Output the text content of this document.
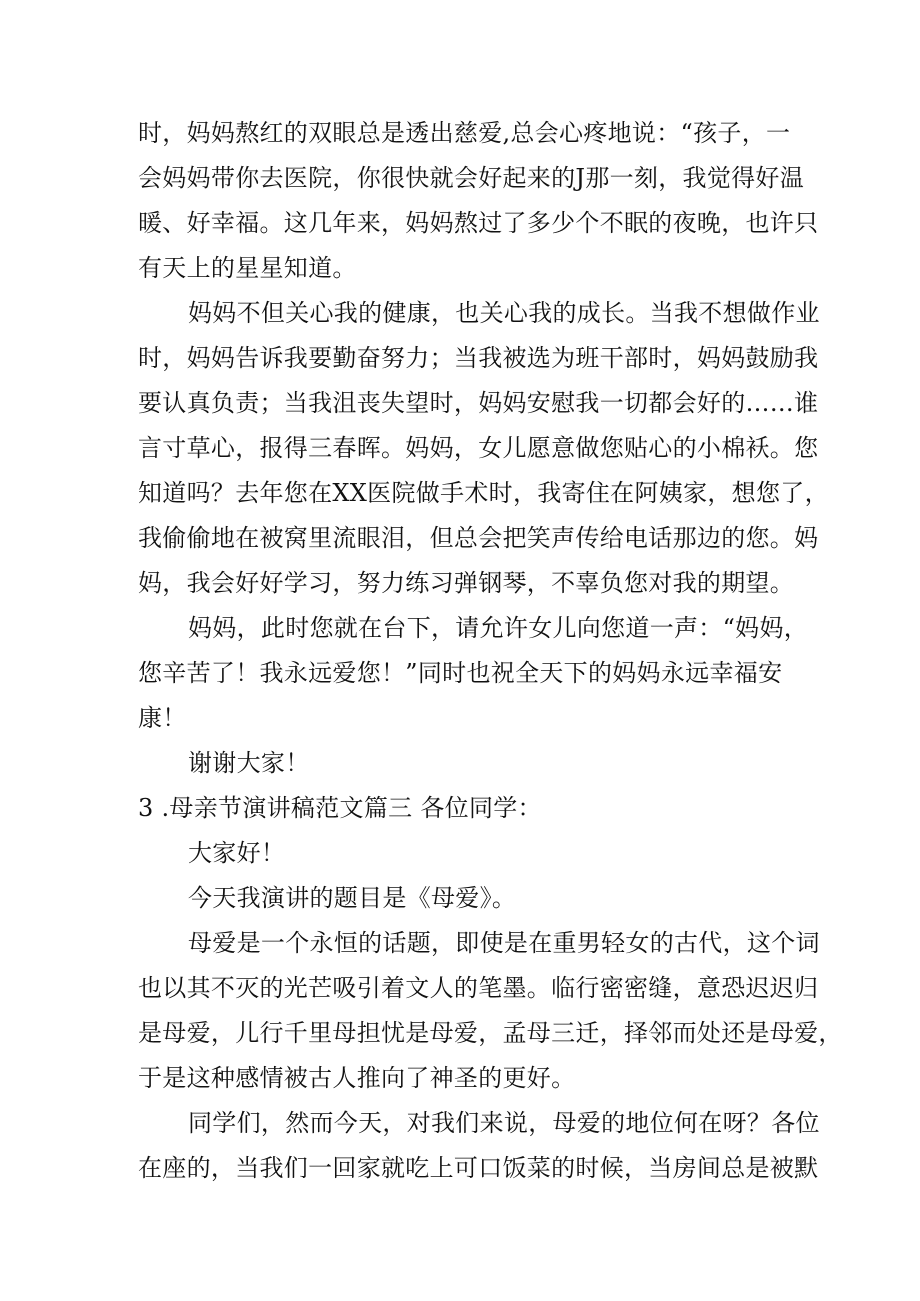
时，妈妈熬红的双眼总是透出慈爱,总会心疼地说：“孩子，一
会妈妈带你去医院，你很快就会好起来的J那一刻，我觉得好温
暖、好幸福。这几年来，妈妈熬过了多少个不眠的夜晚，也许只
有天上的星星知道。
妈妈不但关心我的健康，也关心我的成长。当我不想做作业
时，妈妈告诉我要勤奋努力；当我被选为班干部时，妈妈鼓励我
要认真负责；当我沮丧失望时，妈妈安慰我一切都会好的……谁
言寸草心，报得三春晖。妈妈，女儿愿意做您贴心的小棉袄。您
知道吗？去年您在XX医院做手术时，我寄住在阿姨家，想您了，
我偷偷地在被窝里流眼泪，但总会把笑声传给电话那边的您。妈
妈，我会好好学习，努力练习弹钢琴，不辜负您对我的期望。
妈妈，此时您就在台下，请允许女儿向您道一声：“妈妈，
您辛苦了！我永远爱您！”同时也祝全天下的妈妈永远幸福安
康！
谢谢大家！
3 .母亲节演讲稿范文篇三 各位同学：
大家好！
今天我演讲的题目是《母爱》。
母爱是一个永恒的话题，即使是在重男轻女的古代，这个词
也以其不灭的光芒吸引着文人的笔墨。临行密密缝，意恐迟迟归
是母爱，儿行千里母担忧是母爱，孟母三迁，择邻而处还是母爱，
于是这种感情被古人推向了神圣的更好。
同学们，然而今天，对我们来说，母爱的地位何在呀？各位
在座的，当我们一回家就吃上可口饭菜的时候，当房间总是被默
